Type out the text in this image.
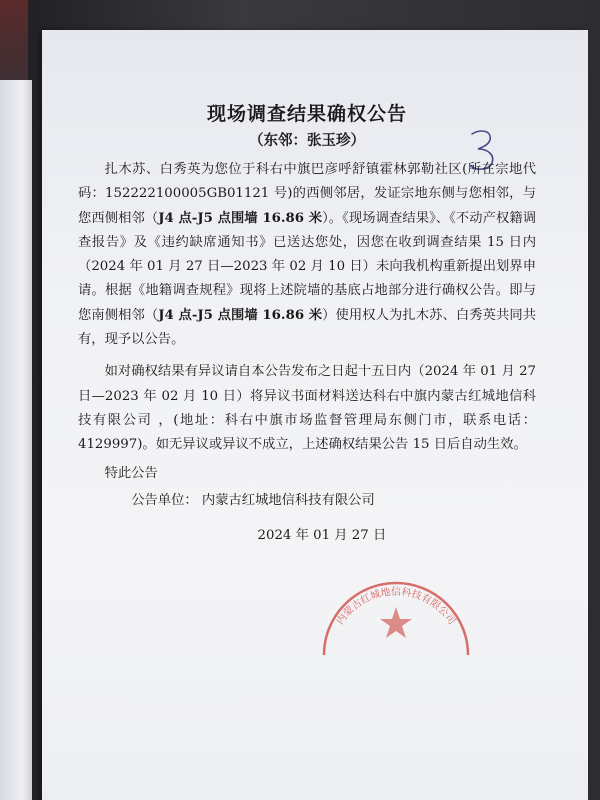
现场调查结果确权公告
（东邻：张玉珍）

扎木苏、白秀英为您位于科右中旗巴彦呼舒镇霍林郭勒社区(所在宗地代码：152222100005GB01121 号)的西侧邻居，发证宗地东侧与您相邻，与您西侧相邻（J4 点-J5 点围墙 16.86 米）。《现场调查结果》、《不动产权籍调查报告》及《违约缺席通知书》已送达您处，因您在收到调查结果 15 日内（2024 年 01 月 27 日—2023 年 02 月 10 日）未向我机构重新提出划界申请。根据《地籍调查规程》现将上述院墙的基底占地部分进行确权公告。即与您南侧相邻（J4 点-J5 点围墙 16.86 米）使用权人为扎木苏、白秀英共同共有，现予以公告。

如对确权结果有异议请自本公告发布之日起十五日内（2024 年 01 月 27 日—2023 年 02 月 10 日）将异议书面材料送达科右中旗内蒙古红城地信科技有限公司 ，(地址：科右中旗市场监督管理局东侧门市，联系电话：4129997)。如无异议或异议不成立，上述确权结果公告 15 日后自动生效。

特此公告

公告单位： 内蒙古红城地信科技有限公司

2024 年 01 月 27 日

内蒙古红城地信科技有限公司
